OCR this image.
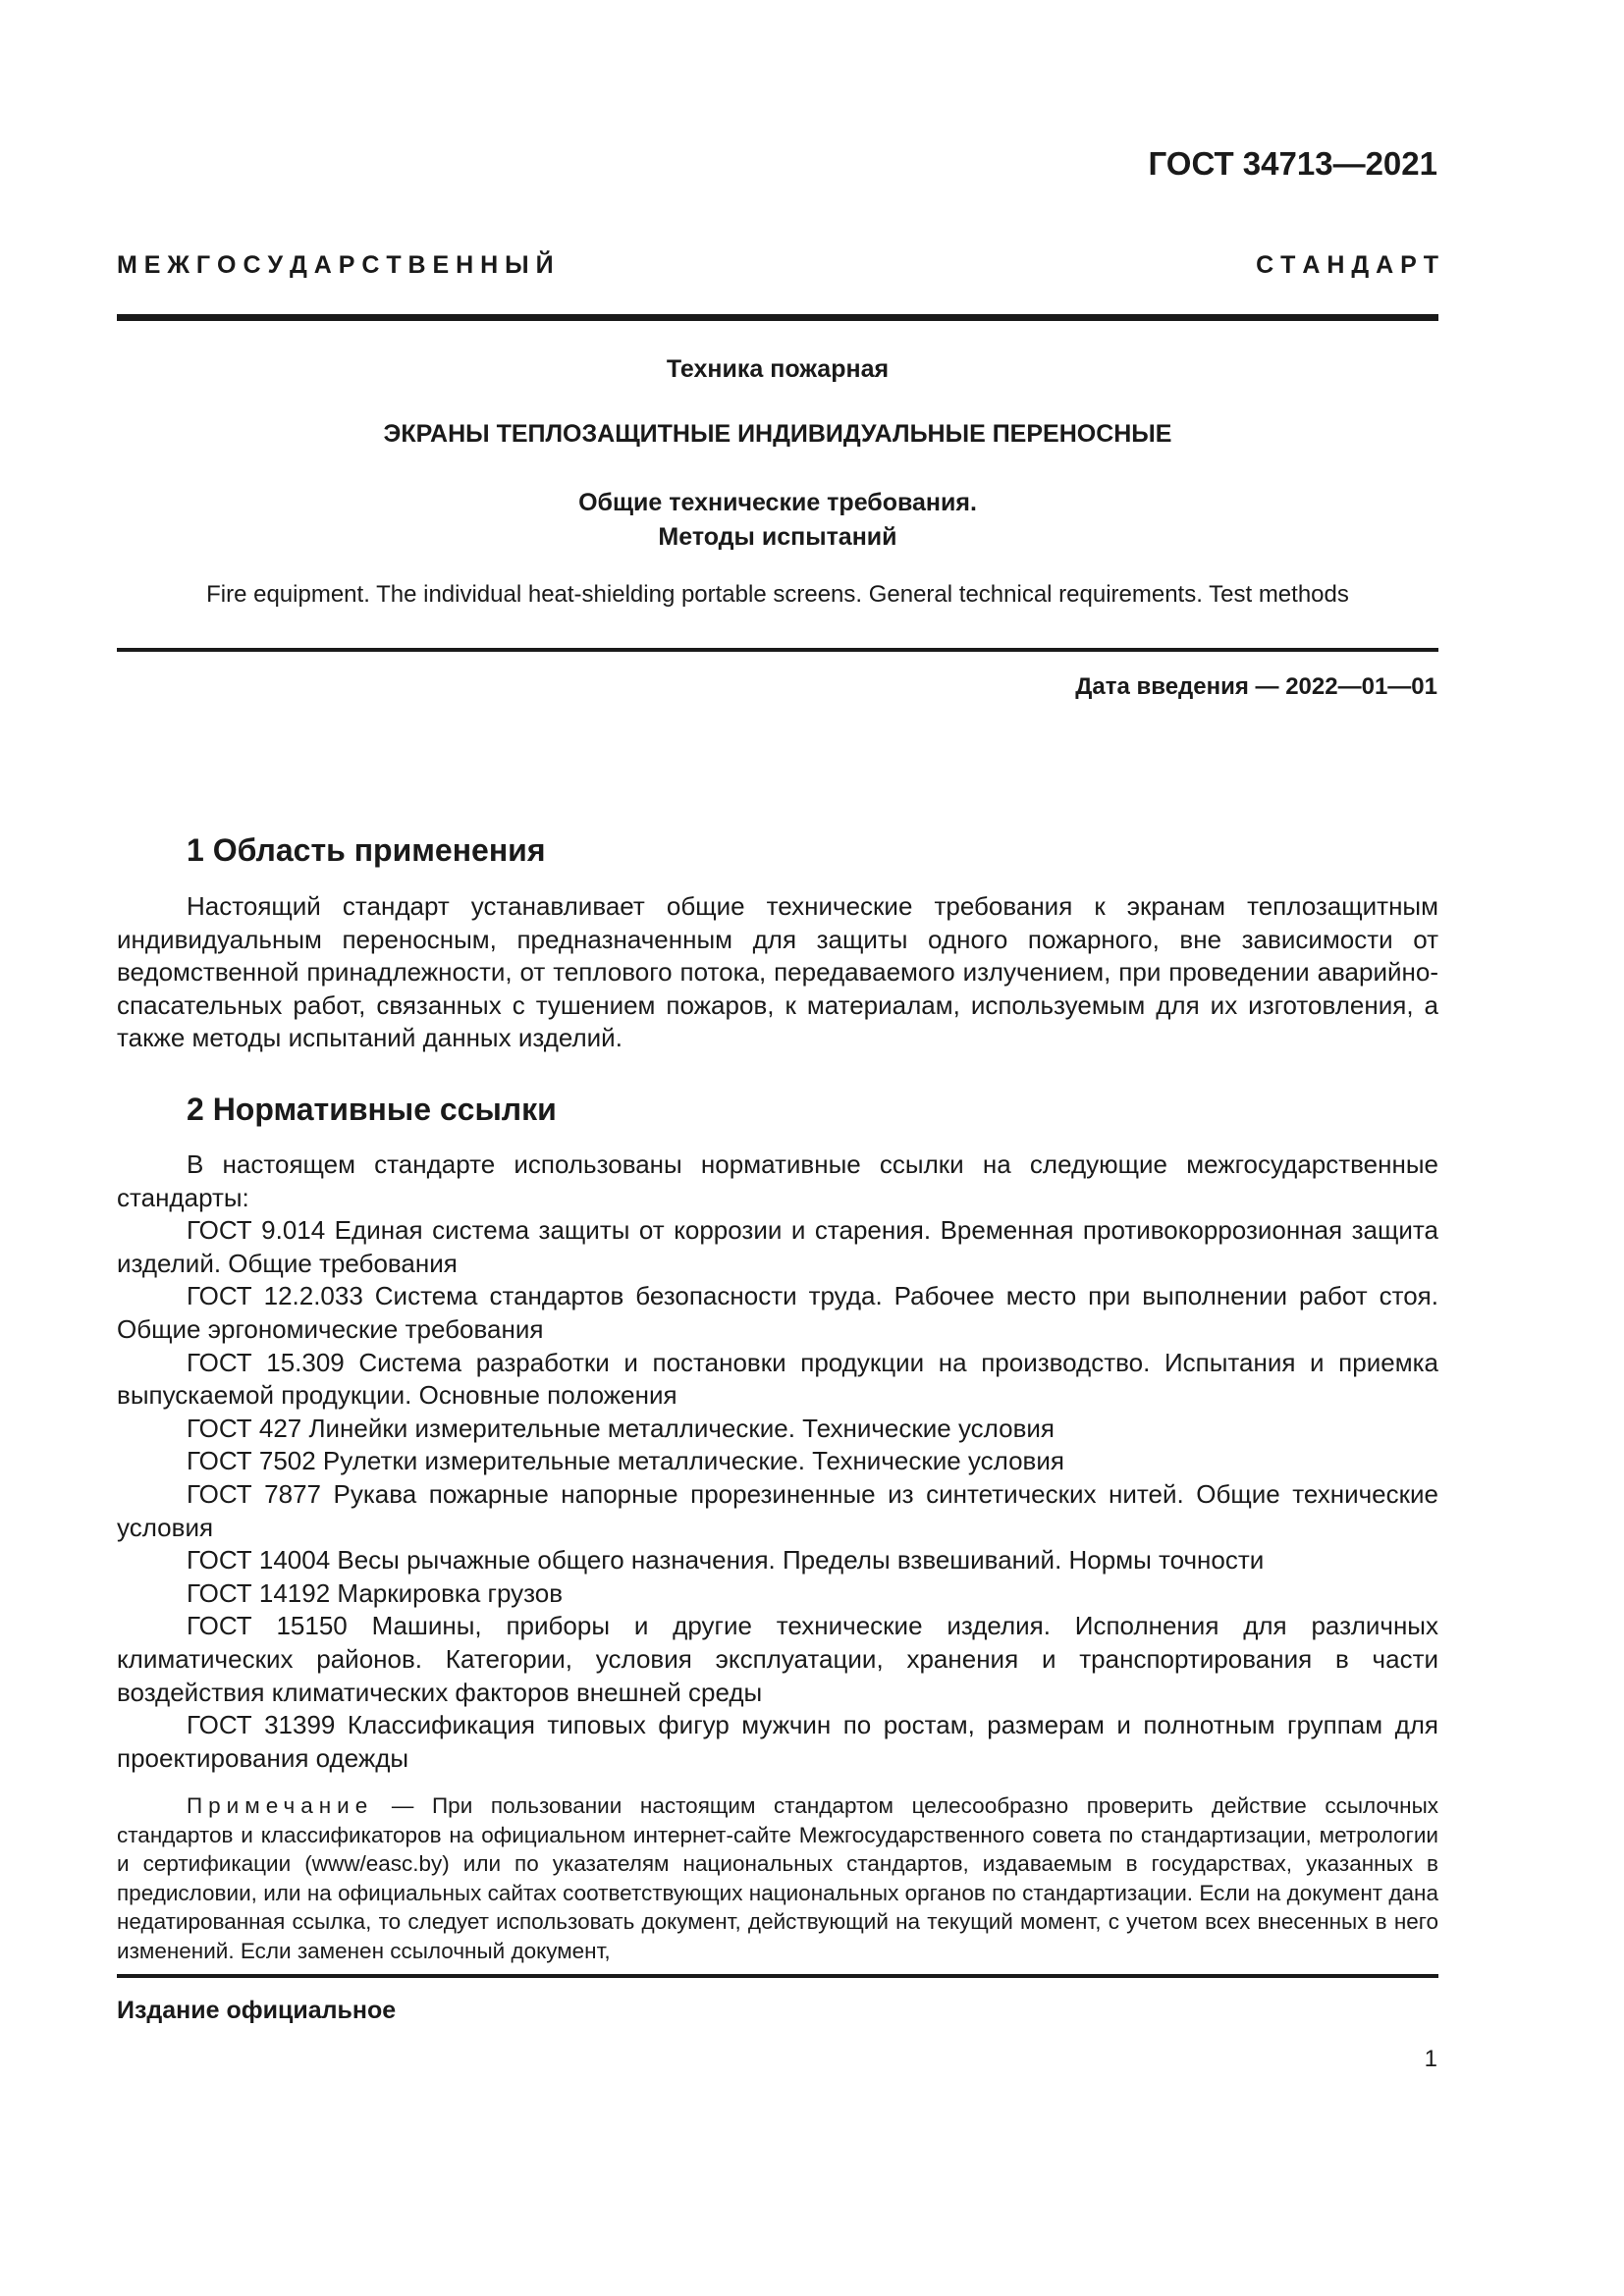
ГОСТ 34713—2021
М Е Ж Г О С У Д А Р С Т В Е Н Н Ы Й	С Т А Н Д А Р Т
Техника пожарная
ЭКРАНЫ ТЕПЛОЗАЩИТНЫЕ ИНДИВИДУАЛЬНЫЕ ПЕРЕНОСНЫЕ
Общие технические требования.
Методы испытаний
Fire equipment. The individual heat-shielding portable screens. General technical requirements. Test methods
Дата введения — 2022—01—01
1 Область применения

Настоящий стандарт устанавливает общие технические требования к экранам теплозащитным индивидуальным переносным, предназначенным для защиты одного пожарного, вне зависимости от ведомственной принадлежности, от теплового потока, передаваемого излучением, при проведении аварийно-спасательных работ, связанных с тушением пожаров, к материалам, используемым для их изготовления, а также методы испытаний данных изделий.

2 Нормативные ссылки

В настоящем стандарте использованы нормативные ссылки на следующие межгосударственные стандарты:

ГОСТ 9.014 Единая система защиты от коррозии и старения. Временная противокоррозионная защита изделий. Общие требования

ГОСТ 12.2.033 Система стандартов безопасности труда. Рабочее место при выполнении работ стоя. Общие эргономические требования

ГОСТ 15.309 Система разработки и постановки продукции на производство. Испытания и приемка выпускаемой продукции. Основные положения

ГОСТ 427 Линейки измерительные металлические. Технические условия

ГОСТ 7502 Рулетки измерительные металлические. Технические условия

ГОСТ 7877 Рукава пожарные напорные прорезиненные из синтетических нитей. Общие технические условия

ГОСТ 14004 Весы рычажные общего назначения. Пределы взвешиваний. Нормы точности

ГОСТ 14192 Маркировка грузов

ГОСТ 15150 Машины, приборы и другие технические изделия. Исполнения для различных климатических районов. Категории, условия эксплуатации, хранения и транспортирования в части воздействия климатических факторов внешней среды

ГОСТ 31399 Классификация типовых фигур мужчин по ростам, размерам и полнотным группам для проектирования одежды

Примечание — При пользовании настоящим стандартом целесообразно проверить действие ссылочных стандартов и классификаторов на официальном интернет-сайте Межгосударственного совета по стандартизации, метрологии и сертификации (www/easc.by) или по указателям национальных стандартов, издаваемым в государствах, указанных в предисловии, или на официальных сайтах соответствующих национальных органов по стандартизации. Если на документ дана недатированная ссылка, то следует использовать документ, действующий на текущий момент, с учетом всех внесенных в него изменений. Если заменен ссылочный документ,
Издание официальное
1
